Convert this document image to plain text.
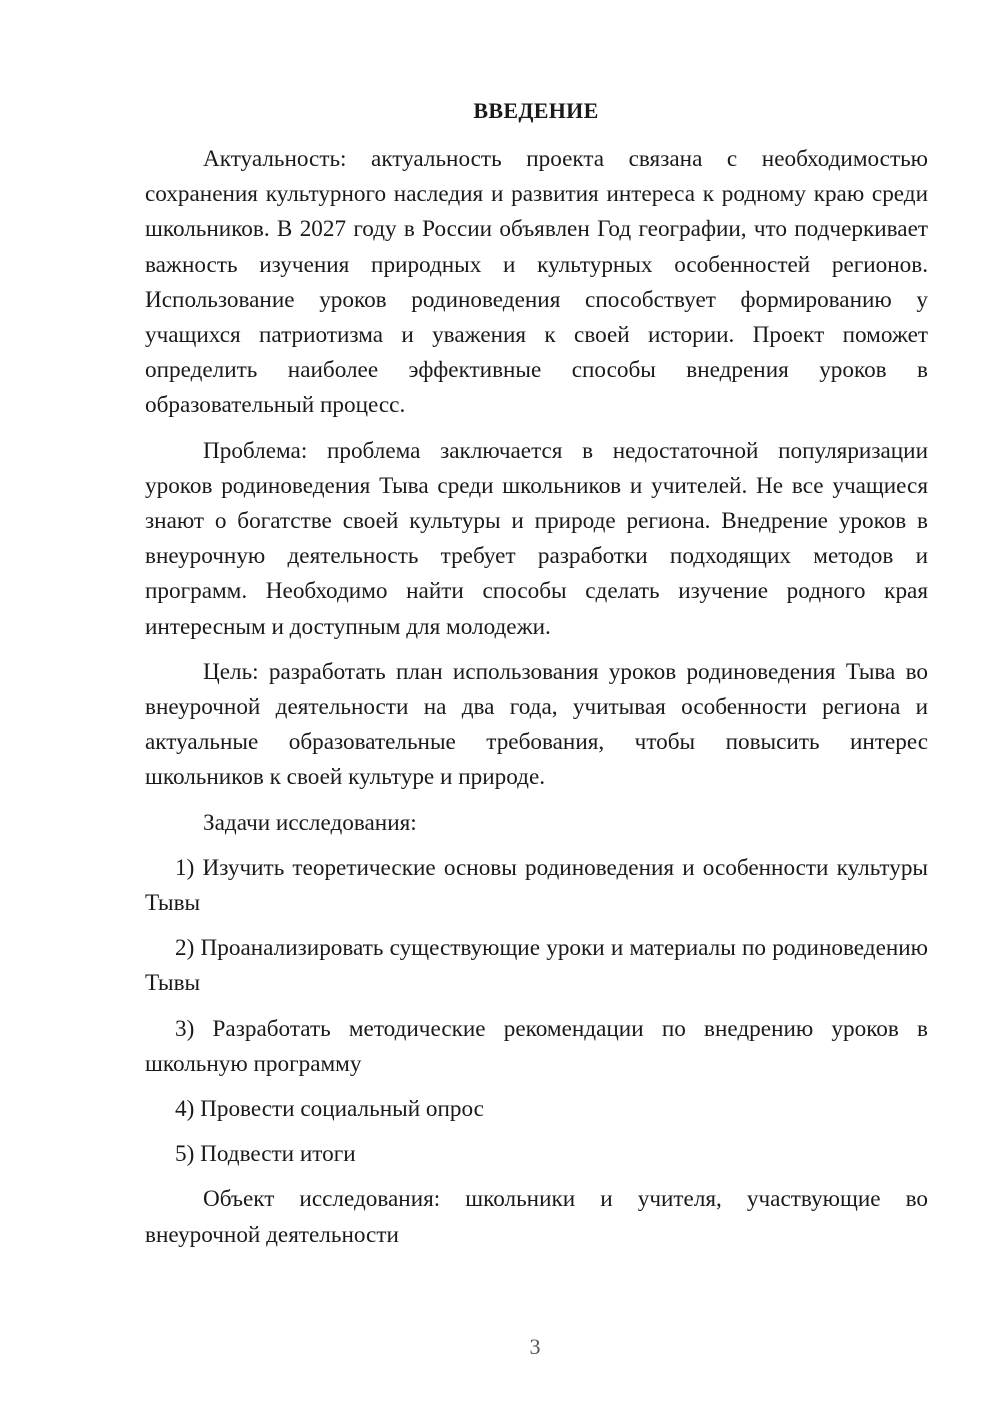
ВВЕДЕНИЕ

Актуальность: актуальность проекта связана с необходимостью сохранения культурного наследия и развития интереса к родному краю среди школьников. В 2027 году в России объявлен Год географии, что подчеркивает важность изучения природных и культурных особенностей регионов. Использование уроков родиноведения способствует формированию у учащихся патриотизма и уважения к своей истории. Проект поможет определить наиболее эффективные способы внедрения уроков в образовательный процесс.

Проблема: проблема заключается в недостаточной популяризации уроков родиноведения Тыва среди школьников и учителей. Не все учащиеся знают о богатстве своей культуры и природе региона. Внедрение уроков в внеурочную деятельность требует разработки подходящих методов и программ. Необходимо найти способы сделать изучение родного края интересным и доступным для молодежи.

Цель: разработать план использования уроков родиноведения Тыва во внеурочной деятельности на два года, учитывая особенности региона и актуальные образовательные требования, чтобы повысить интерес школьников к своей культуре и природе.

Задачи исследования:

1) Изучить теоретические основы родиноведения и особенности культуры Тывы

2) Проанализировать существующие уроки и материалы по родиноведению Тывы

3) Разработать методические рекомендации по внедрению уроков в школьную программу

4) Провести социальный опрос

5) Подвести итоги

Объект исследования: школьники и учителя, участвующие во внеурочной деятельности

3
